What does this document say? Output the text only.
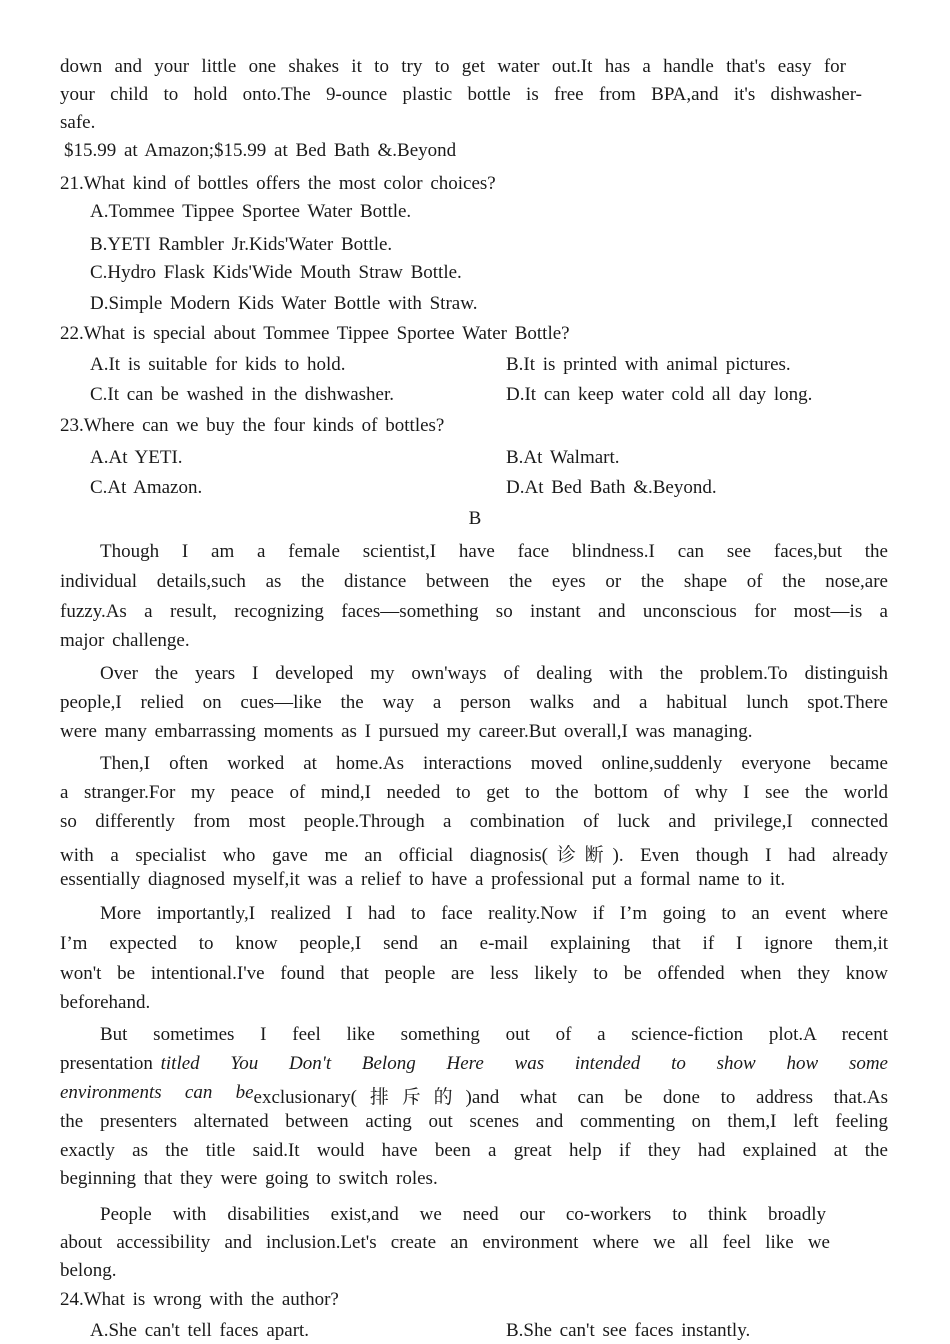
down and your little one shakes it to try to get water out.It has a handle that's easy for
your child to hold onto.The 9-ounce plastic bottle is free from BPA,and it's dishwasher-
safe.
$15.99 at Amazon;$15.99 at Bed Bath &.Beyond
21.What kind of bottles offers the most color choices?
A.Tommee Tippee Sportee Water Bottle.
B.YETI Rambler Jr.Kids'Water Bottle.
C.Hydro Flask Kids'Wide Mouth Straw Bottle.
D.Simple Modern Kids Water Bottle with Straw.
22.What is special about Tommee Tippee Sportee Water Bottle?
A.It is suitable for kids to hold.	B.It is printed with animal pictures.
C.It can be washed in the dishwasher.	D.It can keep water cold all day long.
23.Where can we buy the four kinds of bottles?
A.At YETI.	B.At Walmart.
C.At Amazon.	D.At Bed Bath &.Beyond.
B
Though I am a female scientist,I have face blindness.I can see faces,but the
individual details,such as the distance between the eyes or the shape of the nose,are
fuzzy.As a result, recognizing faces—something so instant and unconscious for most—is a
major challenge.
Over the years I developed my own'ways of dealing with the problem.To distinguish
people,I relied on cues—like the way a person walks and a habitual lunch spot.There
were many embarrassing moments as I pursued my career.But overall,I was managing.
Then,I often worked at home.As interactions moved online,suddenly everyone became
a stranger.For my peace of mind,I needed to get to the bottom of why I see the world
so differently from most people.Through a combination of luck and privilege,I connected
with a specialist who gave me an official diagnosis(诊断). Even though I had already
essentially diagnosed myself,it was a relief to have a professional put a formal name to it.
More importantly,I realized I had to face reality.Now if I’m going to an event where
I’m expected to know people,I send an e-mail explaining that if I ignore them,it
won't be intentional.I've found that people are less likely to be offended when they know
beforehand.
But sometimes I feel like something out of a science-fiction plot.A recent
presentation titled You Don't Belong Here was intended to show how some
environments   can   be exclusionary(排斥的)and what can be done to address that.As
the presenters alternated between acting out scenes and commenting on them,I left feeling
exactly as the title said.It would have been a great help if they had explained at the
beginning that they were going to switch roles.
People with disabilities exist,and we need our co-workers to think broadly
about accessibility and inclusion.Let's create an environment where we all feel like we
belong.
24.What is wrong with the author?
A.She can't tell faces apart.	B.She can't see faces instantly.
